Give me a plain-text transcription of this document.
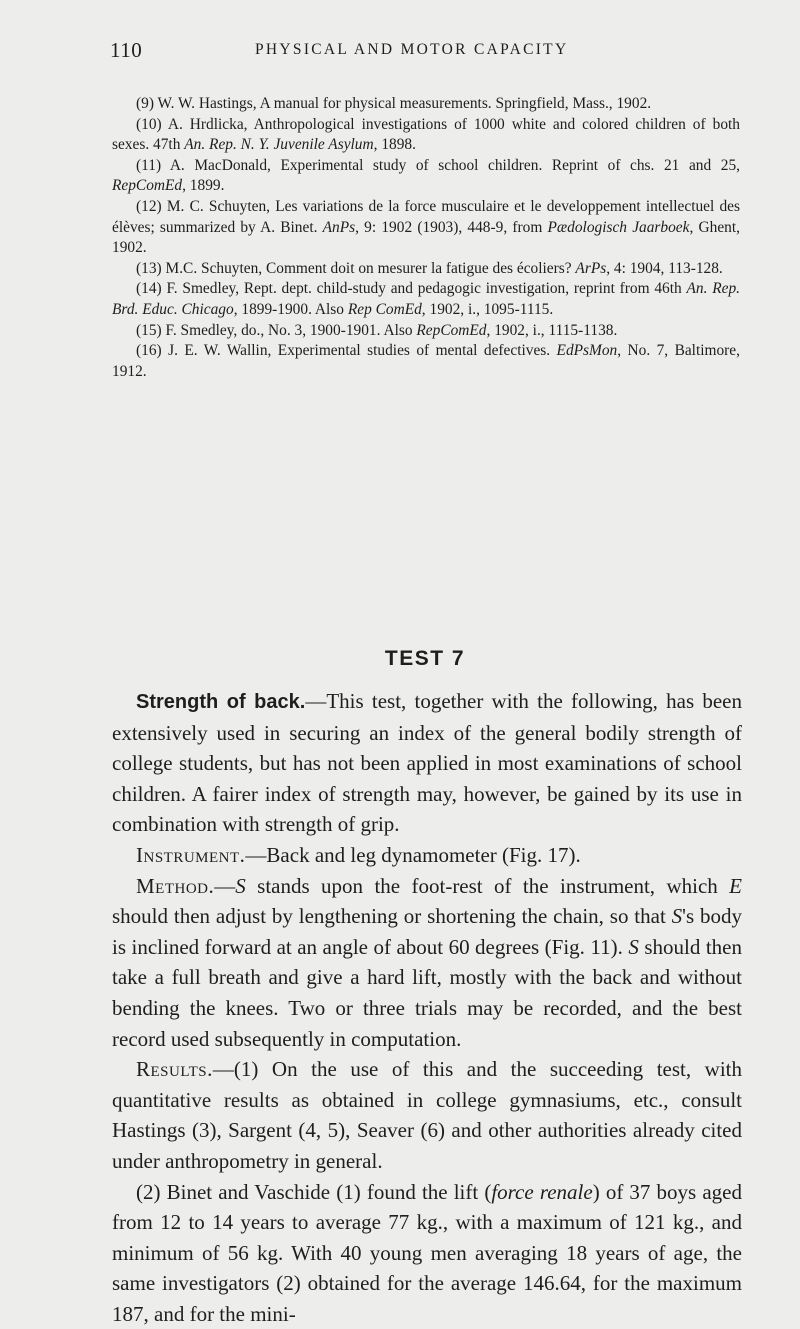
110	PHYSICAL AND MOTOR CAPACITY

(9) W. W. Hastings, A manual for physical measurements. Springfield, Mass., 1902.

(10) A. Hrdlicka, Anthropological investigations of 1000 white and colored children of both sexes. 47th An. Rep. N. Y. Juvenile Asylum, 1898.

(11) A. MacDonald, Experimental study of school children. Reprint of chs. 21 and 25, RepComEd, 1899.

(12) M. C. Schuyten, Les variations de la force musculaire et le developpement intellectuel des élèves; summarized by A. Binet. AnPs, 9: 1902 (1903), 448-9, from Pædologisch Jaarboek, Ghent, 1902.

(13) M.C. Schuyten, Comment doit on mesurer la fatigue des écoliers? ArPs, 4: 1904, 113-128.

(14) F. Smedley, Rept. dept. child-study and pedagogic investigation, reprint from 46th An. Rep. Brd. Educ. Chicago, 1899-1900. Also Rep ComEd, 1902, i., 1095-1115.

(15) F. Smedley, do., No. 3, 1900-1901. Also RepComEd, 1902, i., 1115-1138.

(16) J. E. W. Wallin, Experimental studies of mental defectives. EdPsMon, No. 7, Baltimore, 1912.

TEST 7

Strength of back.—This test, together with the following, has been extensively used in securing an index of the general bodily strength of college students, but has not been applied in most examinations of school children. A fairer index of strength may, however, be gained by its use in combination with strength of grip.

Instrument.—Back and leg dynamometer (Fig. 17).

Method.—S stands upon the foot-rest of the instrument, which E should then adjust by lengthening or shortening the chain, so that S's body is inclined forward at an angle of about 60 degrees (Fig. 11). S should then take a full breath and give a hard lift, mostly with the back and without bending the knees. Two or three trials may be recorded, and the best record used subsequently in computation.

Results.—(1) On the use of this and the succeeding test, with quantitative results as obtained in college gymnasiums, etc., consult Hastings (3), Sargent (4, 5), Seaver (6) and other authorities already cited under anthropometry in general.

(2) Binet and Vaschide (1) found the lift (force renale) of 37 boys aged from 12 to 14 years to average 77 kg., with a maximum of 121 kg., and minimum of 56 kg. With 40 young men averaging 18 years of age, the same investigators (2) obtained for the average 146.64, for the maximum 187, and for the mini-
